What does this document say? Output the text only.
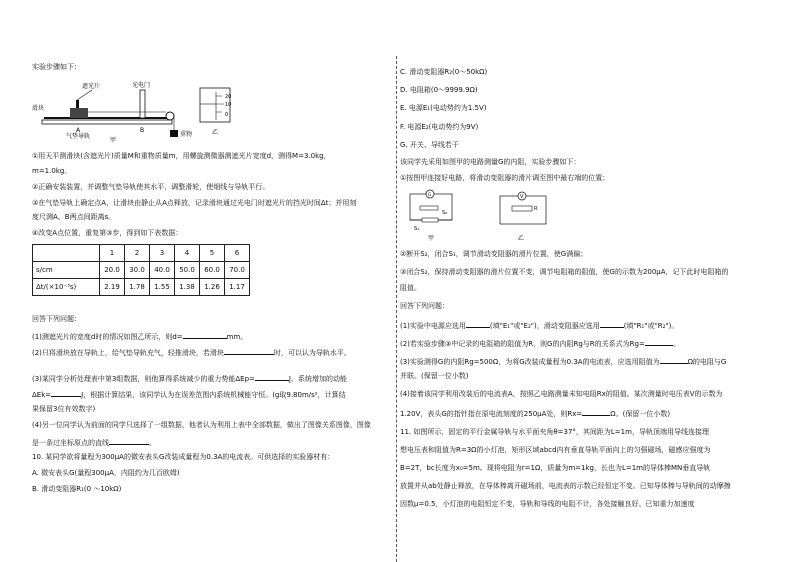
实验步骤如下：
遮光片	光电门
滑块
A	B
气垫导轨	重物
甲
20
10
0
乙
①用天平测滑块(含遮光片)质量M和重物质量m，用螺旋测微器测遮光片宽度d，测得M=3.0kg，
m=1.0kg。
②正确安装装置，并调整气垫导轨使其水平，调整滑轮，使细线与导轨平行。
③在气垫导轨上确定点A，让滑块由静止从A点释放，记录滑块通过光电门时遮光片的挡光时间Δt；并用刻
度尺测A、B两点间距离s。
④改变A点位置，重复第③步，得到如下表数据：
	1	2	3	4	5	6
s/cm	20.0	30.0	40.0	50.0	60.0	70.0
Δt/(×10⁻³s)	2.19	1.78	1.55	1.38	1.26	1.17
回答下列问题：
(1)测遮光片的宽度d时的情况如图乙所示，则d=	mm。
(2)只将滑块放在导轨上，给气垫导轨充气，轻推滑块，若滑块	时，可以认为导轨水平。
(3)某同学分析处理表中第3组数据，则他算得系统减少的重力势能ΔEp=	J，系统增加的动能
ΔEk=	J，根据计算结果，该同学认为在误差范围内系统机械能守恒。(g取9.80m/s²，计算结
果保留3位有效数字)
(4)另一位同学认为前面的同学只选择了一组数据，他者认为利用上表中全部数据，做出了图像关系图像，图像
是一条过坐标原点的直线	。
10. 某同学欲将量程为300μA的微安表头G改装成量程为0.3A的电流表。可供选择的实验器材有：
A. 微安表头G(量程300μA，内阻约为几百欧姆)
B. 滑动变阻器R₁(0 ～10kΩ)
C. 滑动变阻器R₂(0～50kΩ)
D. 电阻箱(0～9999.9Ω)
E. 电源E₁(电动势约为1.5V)
F. 电源E₂(电动势约为9V)
G. 开关、导线若干
该同学先采用如图甲的电路测量G的内阻，实验步骤如下：
①按图甲连接好电路，将滑动变阻器的滑片调至图中最右端的位置；
G
S₂
S₁
甲
V
R
乙
②断开S₂，闭合S₁，调节滑动变阻器的滑片位置，使G满偏；
③闭合S₂，保持滑动变阻器的滑片位置不变，调节电阻箱的阻值，使G的示数为200μA，记下此时电阻箱的
阻值。
回答下列问题：
(1)实验中电源应选用	(填"E₁"或"E₂")，滑动变阻器应选用	(填"R₁"或"R₂")。
(2)若实验步骤③中记录的电阻箱的阻值为R，则G的内阻Rg与R的关系式为Rg=	。
(3)实验测得G的内阻Rg=500Ω，为将G改装成量程为0.3A的电流表，应选用阻值为	Ω的电阻与G
并联。(保留一位小数)
(4)接着该同学利用改装后的电流表A，按照乙电路测量未知电阻Rx的阻值。某次测量时电压表V的示数为
1.20V，表头G的指针指在原电流刻度的250μA处，则Rx=	Ω。(保留一位小数)
11. 如图所示，固定的平行金属导轨与水平面夹角θ=37°，其间距为L=1m，导轨顶端用导线连接理
想电压表和阻值为R=3Ω的小灯泡，矩形区域abcd内有垂直导轨平面向上的匀强磁场，磁感应强度为
B=2T，bc长度为x₀=5m。现将电阻为r=1Ω，质量为m=1kg，长也为L=1m的导体棒MN垂直导轨
放置并从ab处静止释放，在导体棒离开磁场前，电流表的示数已经恒定不变。已知导体棒与导轨间的动摩擦
因数μ=0.5，小灯泡的电阻恒定不变，导轨和导线的电阻不计，各处接触良好。已知重力加速度
